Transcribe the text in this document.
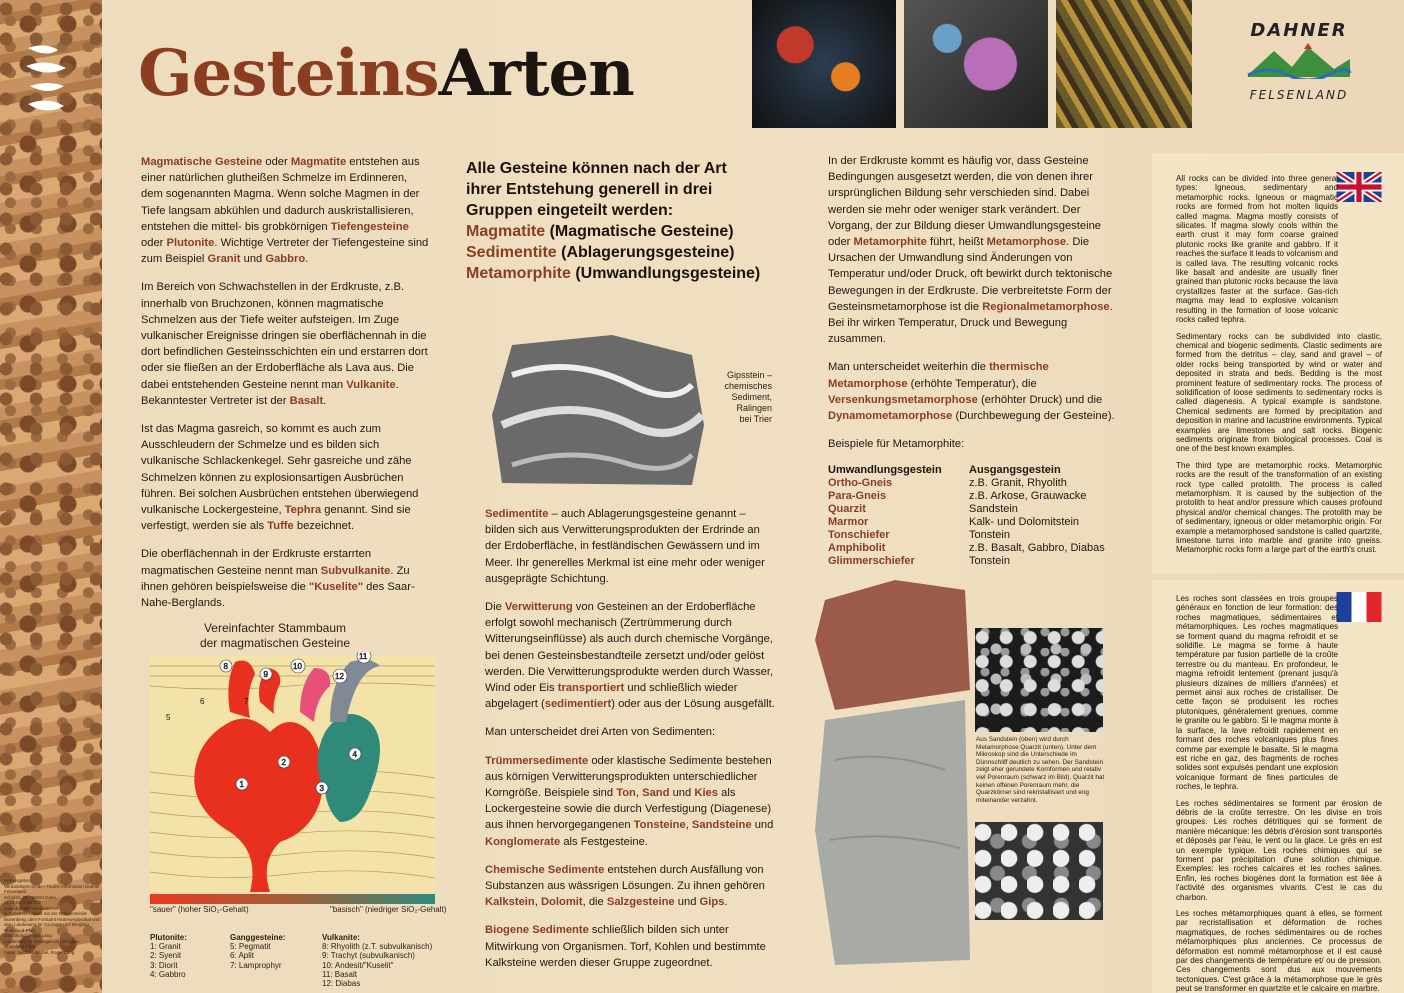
Herausgeber:
Verbandsgemeinde / Tourist-Information Dahner Felsenland
Schulstr. 29 · 66994 Dahn
(0 63 91) 9 96 222
www.dahner-felsenland.net
in Zusammenarbeit mit der Ortsgemeinde Busenberg, dem Forstamt Hinterweidenthal und dem Landesamt für Geologie und Bergbau Rheinland-Pfalz
Gestaltung: Roger Lang
Landesamt für Geologie und Bergbau Rheinland-Pfalz
Fotos: Michael Grüßel, Roger Lang
GesteinsArten
DAHNER
FELSENLAND

Magmatische Gesteine oder Magmatite entstehen aus einer natürlichen glutheißen Schmelze im Erdinneren, dem sogenannten Magma. Wenn solche Magmen in der Tiefe langsam abkühlen und dadurch auskristallisieren, entstehen die mittel- bis grobkörnigen Tiefengesteine oder Plutonite. Wichtige Vertreter der Tiefengesteine sind zum Beispiel Granit und Gabbro.

Im Bereich von Schwachstellen in der Erdkruste, z.B. innerhalb von Bruchzonen, können magmatische Schmelzen aus der Tiefe weiter aufsteigen. Im Zuge vulkanischer Ereignisse dringen sie oberflächennah in die dort befindlichen Gesteinsschichten ein und erstarren dort oder sie fließen an der Erdoberfläche als Lava aus. Die dabei entstehenden Gesteine nennt man Vulkanite. Bekanntester Vertreter ist der Basalt.

Ist das Magma gasreich, so kommt es auch zum Ausschleudern der Schmelze und es bilden sich vulkanische Schlackenkegel. Sehr gasreiche und zähe Schmelzen können zu explosionsartigen Ausbrüchen führen. Bei solchen Ausbrüchen entstehen überwiegend vulkanische Lockergesteine, Tephra genannt. Sind sie verfestigt, werden sie als Tuffe bezeichnet.

Die oberflächennah in der Erdkruste erstarrten magmatischen Gesteine nennt man Subvulkanite. Zu ihnen gehören beispielsweise die "Kuselite" des Saar-Nahe-Berglands.

Vereinfachter Stammbaum
der magmatischen Gesteine
1
2
3
4
5
6	7
8
9
10
11
12
"sauer" (hoher SiO₂-Gehalt)	"basisch" (niedriger SiO₂-Gehalt)
Plutonite:
1: Granit
2: Syenit
3: Diorit
4: Gabbro
Ganggesteine:
5: Pegmatit
6: Aplit
7: Lamprophyr
Vulkanite:
8: Rhyolith (z.T. subvulkanisch)
9: Trachyt (subvulkanisch)
10: Andesit/"Kuselit"
11: Basalt
12: Diabas
Alle Gesteine können nach der Art
ihrer Entstehung generell in drei
Gruppen eingeteilt werden:
Magmatite (Magmatische Gesteine)
Sedimentite (Ablagerungsgesteine)
Metamorphite (Umwandlungsgesteine)
Gipsstein –
chemisches
Sediment,
Ralingen
bei Trier

Sedimentite – auch Ablagerungsgesteine genannt – bilden sich aus Verwitterungsprodukten der Erdrinde an der Erdoberfläche, in festländischen Gewässern und im Meer. Ihr generelles Merkmal ist eine mehr oder weniger ausgeprägte Schichtung.

Die Verwitterung von Gesteinen an der Erdoberfläche erfolgt sowohl mechanisch (Zertrümmerung durch Witterungseinflüsse) als auch durch chemische Vorgänge, bei denen Gesteinsbestandteile zersetzt und/oder gelöst werden. Die Verwitterungsprodukte werden durch Wasser, Wind oder Eis transportiert und schließlich wieder abgelagert (sedimentiert) oder aus der Lösung ausgefällt.

Man unterscheidet drei Arten von Sedimenten:

Trümmersedimente oder klastische Sedimente bestehen aus körnigen Verwitterungsprodukten unterschiedlicher Korngröße. Beispiele sind Ton, Sand und Kies als Lockergesteine sowie die durch Verfestigung (Diagenese) aus ihnen hervorgegangenen Tonsteine, Sandsteine und Konglomerate als Festgesteine.

Chemische Sedimente entstehen durch Ausfällung von Substanzen aus wässrigen Lösungen. Zu ihnen gehören Kalkstein, Dolomit, die Salzgesteine und Gips.

Biogene Sedimente schließlich bilden sich unter Mitwirkung von Organismen. Torf, Kohlen und bestimmte Kalksteine werden dieser Gruppe zugeordnet.

In der Erdkruste kommt es häufig vor, dass Gesteine Bedingungen ausgesetzt werden, die von denen ihrer ursprünglichen Bildung sehr verschieden sind. Dabei werden sie mehr oder weniger stark verändert. Der Vorgang, der zur Bildung dieser Umwandlungsgesteine oder Metamorphite führt, heißt Metamorphose. Die Ursachen der Umwandlung sind Änderungen von Temperatur und/oder Druck, oft bewirkt durch tektonische Bewegungen in der Erdkruste. Die verbreitetste Form der Gesteinsmetamorphose ist die Regionalmetamorphose. Bei ihr wirken Temperatur, Druck und Bewegung zusammen.

Man unterscheidet weiterhin die thermische Metamorphose (erhöhte Temperatur), die Versenkungsmetamorphose (erhöhter Druck) und die Dynamometamorphose (Durchbewegung der Gesteine).

Beispiele für Metamorphite:

Umwandlungsgestein	Ausgangsgestein
Ortho-Gneis	z.B. Granit, Rhyolith
Para-Gneis	z.B. Arkose, Grauwacke
Quarzit	Sandstein
Marmor	Kalk- und Dolomitstein
Tonschiefer	Tonstein
Amphibolit	z.B. Basalt, Gabbro, Diabas
Glimmerschiefer	Tonstein
Aus Sandstein (oben) wird durch Metamorphose Quarzit (unten). Unter dem Mikroskop sind die Unterschiede im Dünnschliff deutlich zu sehen. Der Sandstein zeigt eher gerundete Kornformen und relativ viel Porenraum (schwarz im Bild). Quarzit hat keinen offenen Porenraum mehr, die Quarzkörner sind rekristallisiert und eng miteinander verzahnt.

All rocks can be divided into three general types: Igneous, sedimentary and metamorphic rocks. Igneous or magmatic rocks are formed from hot molten liquids called magma. Magma mostly consists of silicates. If magma slowly cools within the earth crust it may form coarse grained plutonic rocks like granite and gabbro. If it reaches the surface it leads to volcanism and is called lava. The resulting volcanic rocks like basalt and andesite are usually finer grained than plutonic rocks because the lava crystallizes faster at the surface. Gas-rich magma may lead to explosive volcanism resulting in the formation of loose volcanic rocks called tephra.

Sedimentary rocks can be subdivided into clastic, chemical and biogenic sediments. Clastic sediments are formed from the detritus – clay, sand and gravel – of older rocks being transported by wind or water and deposited in strata and beds. Bedding is the most prominent feature of sedimentary rocks. The process of solidification of loose sediments to sedimentary rocks is called diagenesis. A typical example is sandstone. Chemical sediments are formed by precipitation and deposition in marine and lacustrine environments. Typical examples are limestones and salt rocks. Biogenic sediments originate from biological processes. Coal is one of the best known examples.

The third type are metamorphic rocks. Metamorphic rocks are the result of the transformation of an existing rock type called protolith. The process is called metamorphism. It is caused by the subjection of the protolith to heat and/or pressure which causes profound physical and/or chemical changes. The protolith may be of sedimentary, igneous or older metamorphic origin. For example a metamorphosed sandstone is called quartzite, limestone turns into marble and granite into gneiss. Metamorphic rocks form a large part of the earth's crust.

Les roches sont classées en trois groupes généraux en fonction de leur formation: des roches magmatiques, sédimentaires et métamorphiques. Les roches magmatiques se forment quand du magma refroidit et se solidifie. Le magma se forme à haute température par fusion partielle de la croûte terrestre ou du manteau. En profondeur, le magma refroidit lentement (prenant jusqu'à plusieurs dizaines de milliers d'années) et permet ainsi aux roches de cristalliser. De cette façon se produisent les roches plutoniques, généralement grenues, comme le granite ou le gabbro. Si le magma monte à la surface, la lave refroidit rapidement en formant des roches volcaniques plus fines comme par exemple le basalte. Si le magma est riche en gaz, des fragments de roches solides sont expulsés pendant une explosion volcanique formant de fines particules de roches, le tephra.

Les roches sédimentaires se forment par érosion de débris de la croûte terrestre. On les divise en trois groupes. Les roches détritiques qui se forment de manière mécanique: les débris d'érosion sont transportés et déposés par l'eau, le vent ou la glace. Le grès en est un exemple typique. Les roches chimiques qui se forment par précipitation d'une solution chimique. Exemples: les roches calcaires et les roches salines. Enfin, les roches biogènes dont la formation est liée à l'activité des organismes vivants. C'est le cas du charbon.

Les roches métamorphiques quant à elles, se forment par recristallisation et déformation de roches magmatiques, de roches sédimentaires ou de roches métamorphiques plus anciennes. Ce processus de déformation est nommé métamorphose et il est causé par des changements de température et/ ou de pression. Ces changements sont dus aux mouvements tectoniques. C'est grâce à la métamorphose que le grès peut se transformer en quartzite et le calcaire en marbre.
